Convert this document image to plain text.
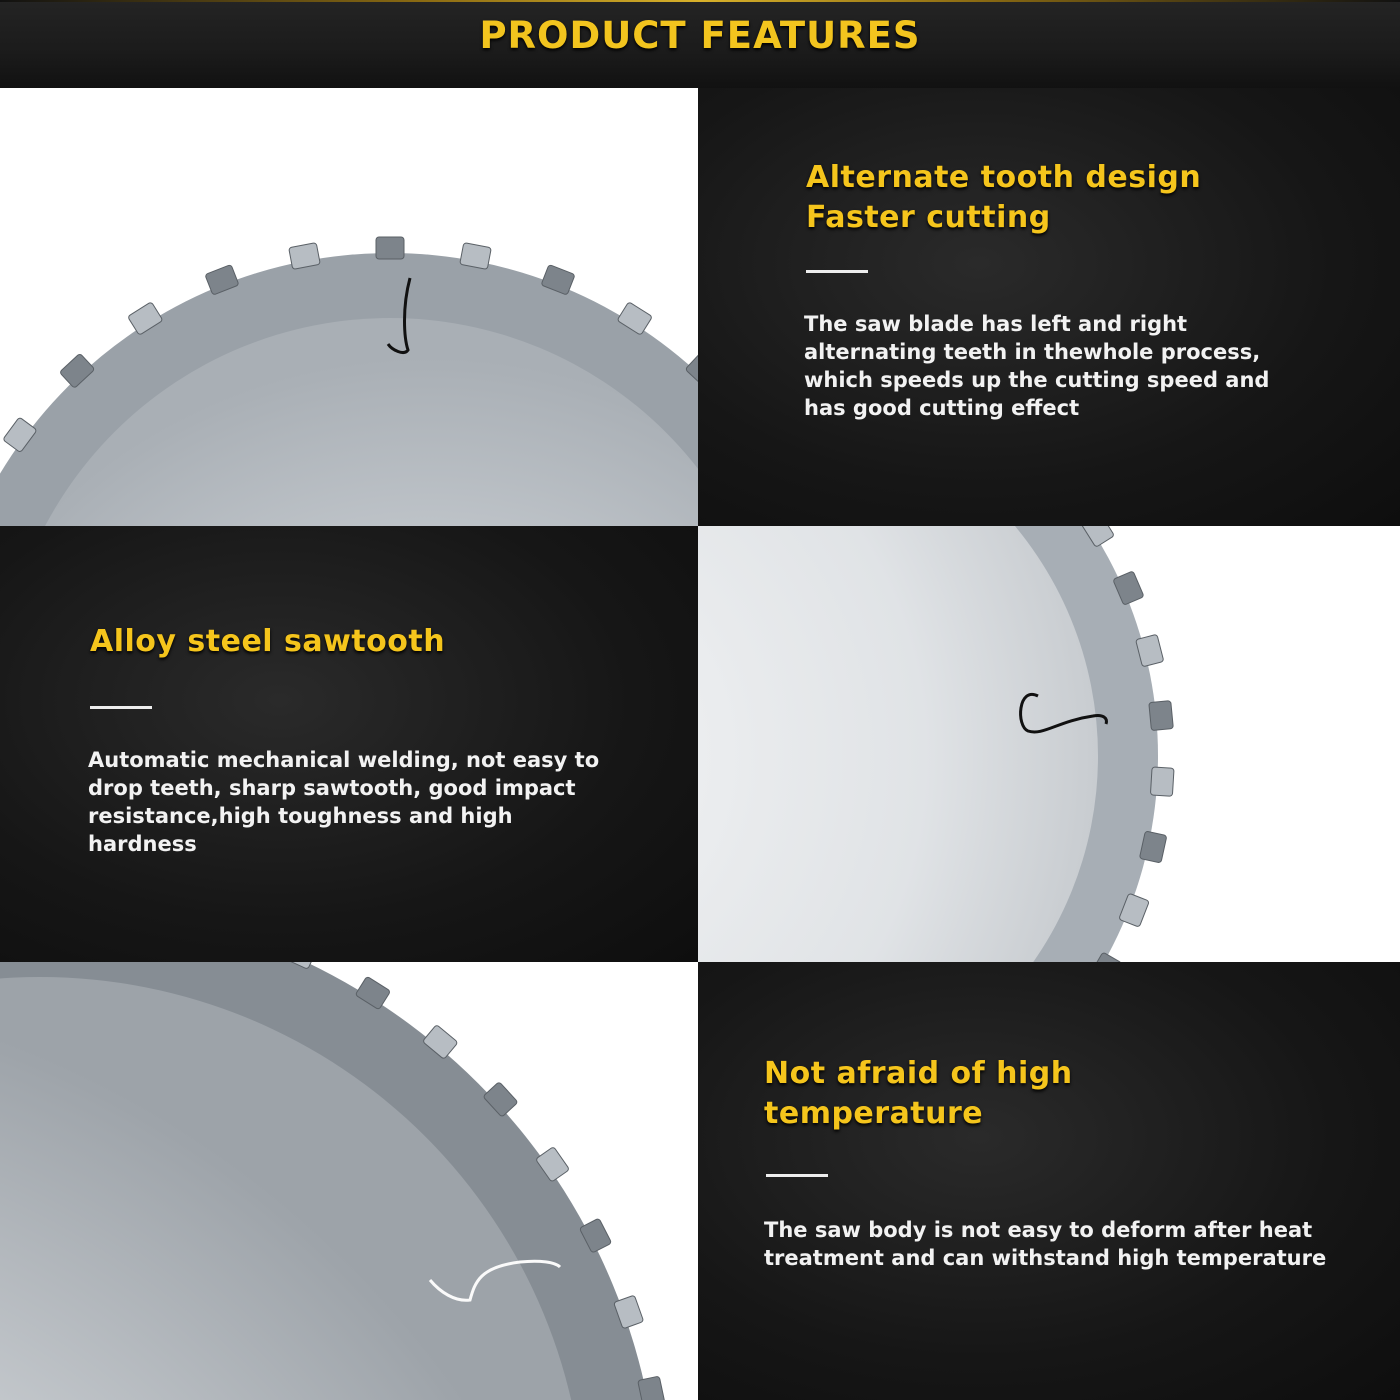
PRODUCT FEATURES
Alternate tooth design
Faster cutting
The saw blade has left and right alternating teeth in thewhole process, which speeds up the cutting speed and has good cutting effect
Alloy steel sawtooth
Automatic mechanical welding, not easy to drop teeth, sharp sawtooth, good impact resistance,high toughness and high hardness
Not afraid of high
temperature
The saw body is not easy to deform after heat treatment and can withstand high temperature
